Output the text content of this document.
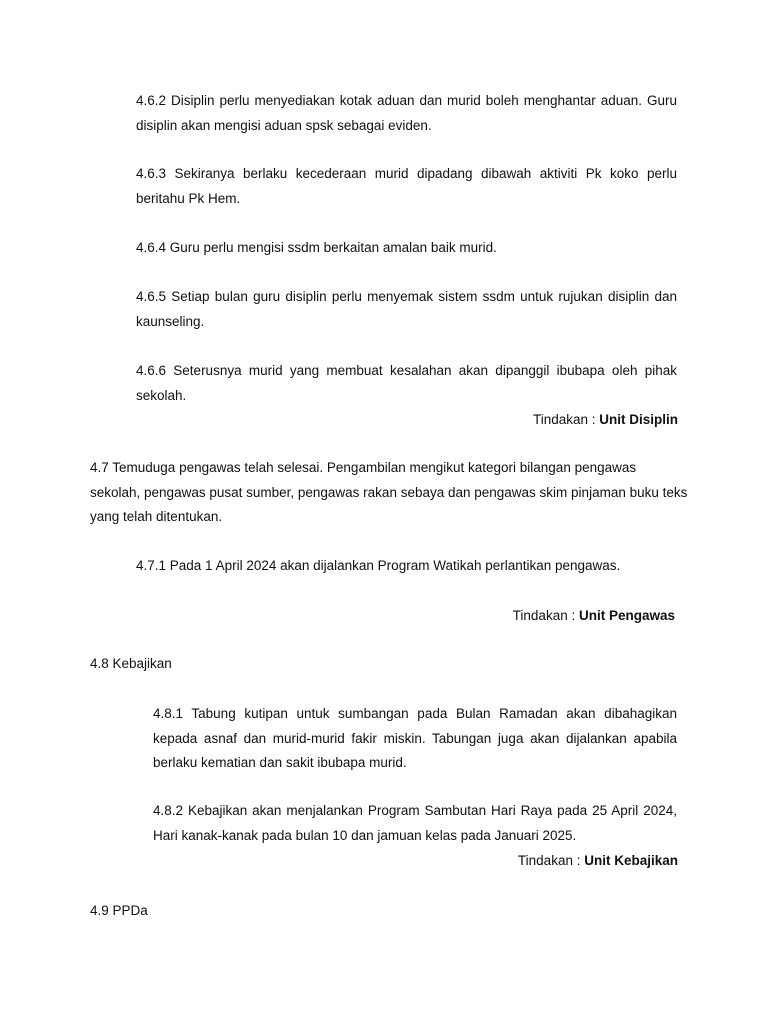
4.6.2 Disiplin perlu menyediakan kotak aduan dan murid boleh menghantar aduan. Guru disiplin akan mengisi aduan spsk sebagai eviden.

4.6.3 Sekiranya berlaku kecederaan murid dipadang dibawah aktiviti Pk koko perlu beritahu Pk Hem.

4.6.4 Guru perlu mengisi ssdm berkaitan amalan baik murid.

4.6.5 Setiap bulan guru disiplin perlu menyemak sistem ssdm untuk rujukan disiplin dan kaunseling.

4.6.6 Seterusnya murid yang membuat kesalahan akan dipanggil ibubapa oleh pihak sekolah.

Tindakan : Unit Disiplin

4.7 Temuduga pengawas telah selesai. Pengambilan mengikut kategori bilangan pengawas sekolah, pengawas pusat sumber, pengawas rakan sebaya dan pengawas skim pinjaman buku teks yang telah ditentukan.

4.7.1 Pada 1 April 2024 akan dijalankan Program Watikah perlantikan pengawas.

Tindakan : Unit Pengawas

4.8 Kebajikan

4.8.1 Tabung kutipan untuk sumbangan pada Bulan Ramadan akan dibahagikan kepada asnaf dan murid-murid fakir miskin. Tabungan juga akan dijalankan apabila berlaku kematian dan sakit ibubapa murid.

4.8.2 Kebajikan akan menjalankan Program Sambutan Hari Raya pada 25 April 2024, Hari kanak-kanak pada bulan 10 dan jamuan kelas pada Januari 2025.

Tindakan : Unit Kebajikan

4.9 PPDa
